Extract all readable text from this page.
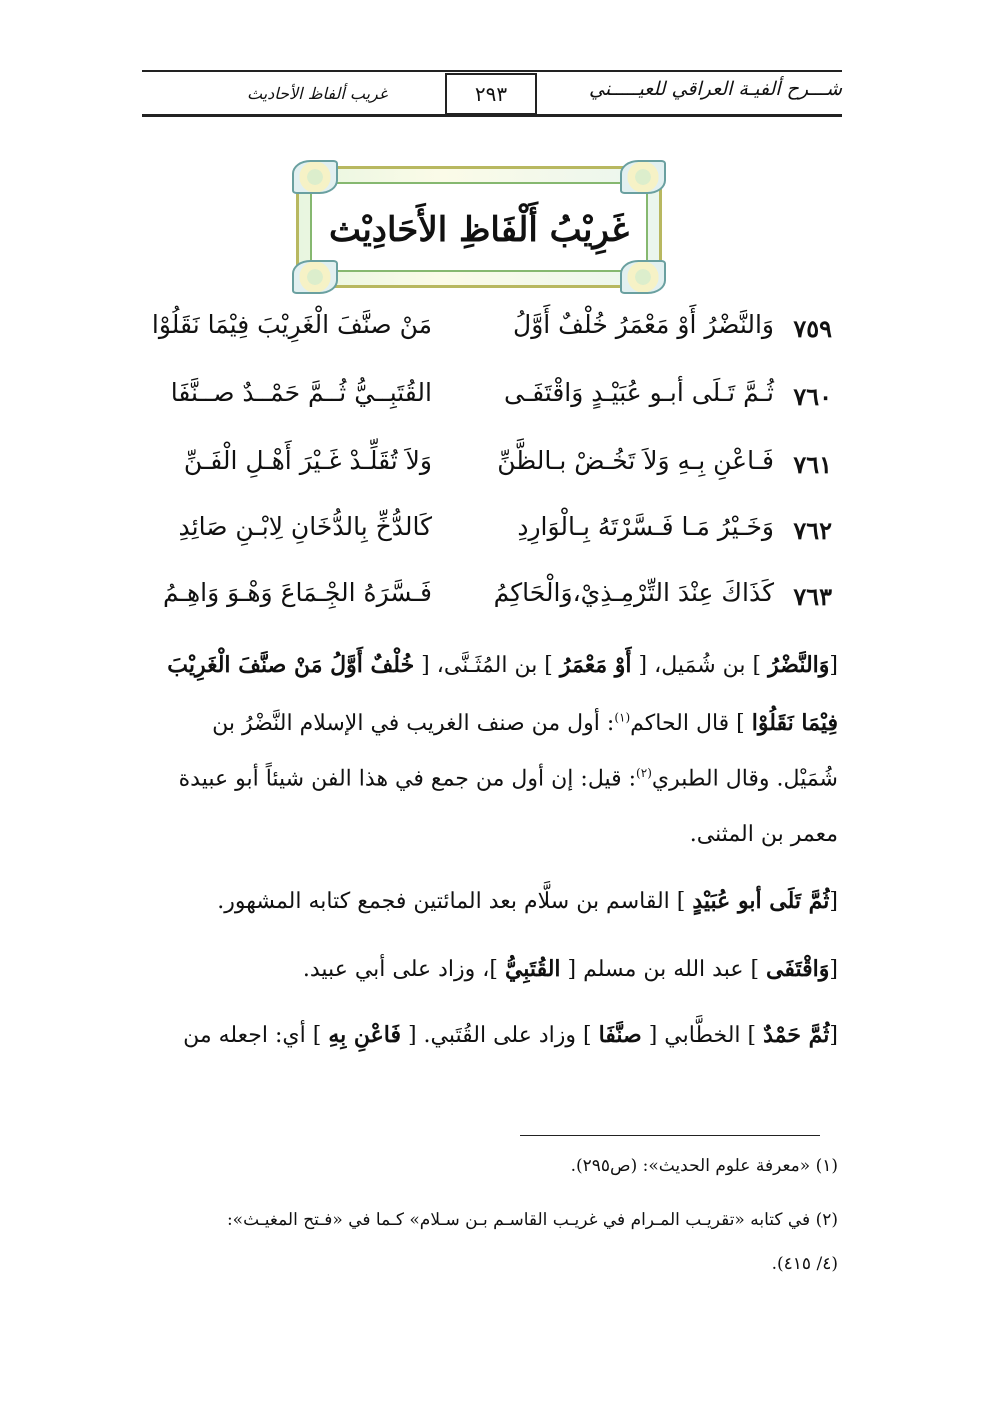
شـــرح ألفيـة العراقي للعيـــــني
٢٩٣
غريب ألفاظ الأحاديث
غَرِيْبُ أَلْفَاظِ الأَحَادِيْث
٧٥٩
وَالنَّضْرُ أَوْ مَعْمَرُ خُلْفٌ أَوَّلُ
مَنْ صنَّفَ الْغَرِيْبَ فِيْمَا نَقَلُوْا
٧٦٠
ثُـمَّ تَـلَى أبـو عُبَيْـدٍ وَاقْتَفَـى
القُتَبِــيُّ ثُــمَّ حَمْــدٌ صــنَّفَا
٧٦١
فَـاعْنِ بِـهِ وَلاَ تَخُـضْ بـالظَّنِّ
وَلاَ تُقَلِّـدْ غَـيْرَ أَهْـلِ الْفَـنِّ
٧٦٢
وَخَـيْرُ مَـا فَـسَّرْتَهُ بِـالْوَارِدِ
كَالدُّخِّ بِالدُّخَانِ لِابْـنِ صَائِدِ
٧٦٣
كَذَاكَ عِنْدَ التِّرْمِـذِيْ،وَالْحَاكِمُ
فَـسَّرَهُ الجِْـمَاعَ وَهْـوَ وَاهِـمُ
[وَالنَّضْرُ ] بن شُمَيل، [ أَوْ مَعْمَرُ ] بن المُثَـنَّى، [ خُلْفٌ أَوَّلُ مَنْ صنَّفَ الْغَرِيْبَ
فِيْمَا نَقَلُوْا ] قال الحاكم$^{(١)}$: أول من صنف الغريب في الإسلام النَّضْرُ بن
شُمَيْل. وقال الطبري$^{(٢)}$: قيل: إن أول من جمع في هذا الفن شيئاً أبو عبيدة
معمر بن المثنى.
[ثُمَّ تَلَى أبو عُبَيْدٍ ] القاسم بن سلَّام بعد المائتين فجمع كتابه المشهور.
[وَاقْتَفَى ] عبد الله بن مسلم [ القُتَبِيُّ ]، وزاد على أبي عبيد.
[ثُمَّ حَمْدٌ ] الخطَّابي [ صنَّفَا ] وزاد على القُتَبي. [ فَاعْنِ بِهِ ] أي: اجعله من
(١) «معرفة علوم الحديث»: (ص٢٩٥).
(٢) في كتابه «تقريـب المـرام في غريـب القاسـم بـن سـلام» كـما في «فـتح المغيـث»:
(٤/ ٤١٥).
